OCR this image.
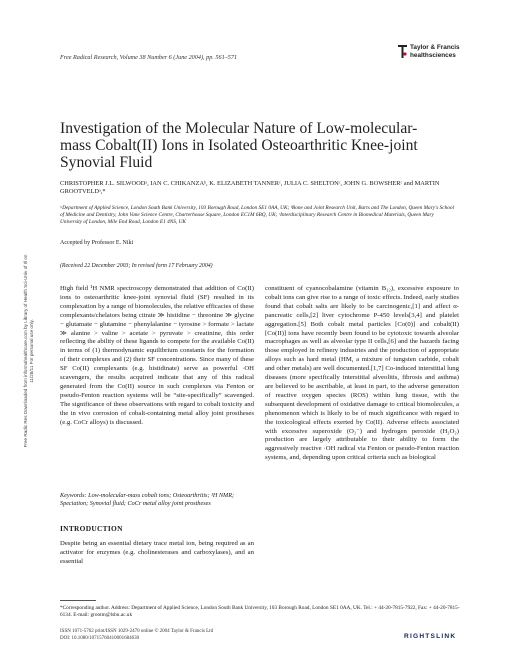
Free Radic Res Downloaded from informahealthcare.com by Library of Health Sci-Univ of Ill on 11/28/11 For personal use only.
Free Radical Research, Volume 38 Number 6 (June 2004), pp. 561–571
Taylor & Francis
healthsciences
Investigation of the Molecular Nature of Low-molecular-mass Cobalt(II) Ions in Isolated Osteoarthritic Knee-joint Synovial Fluid
CHRISTOPHER J.L. SILWOODᵃ, IAN C. CHIKANZAᵇ, K. ELIZABETH TANNERᶜ, JULIA C. SHELTONᶜ, JOHN G. BOWSHERᶜ and MARTIN GROOTVELDᵃ,*
ᵃDepartment of Applied Science, London South Bank University, 103 Borough Road, London SE1 0AA, UK; ᵇBone and Joint Research Unit, Barts and The London, Queen Mary's School of Medicine and Dentistry, John Vane Science Centre, Charterhouse Square, London EC1M 6BQ, UK; ᶜInterdisciplinary Research Centre in Biomedical Materials, Queen Mary University of London, Mile End Road, London E1 4NS, UK
Accepted by Professor E. Niki
(Received 22 December 2003; In revised form 17 February 2004)
High field ¹H NMR spectroscopy demonstrated that addition of Co(II) ions to osteoarthritic knee-joint synovial fluid (SF) resulted in its complexation by a range of biomolecules, the relative efficacies of these complexants/chelators being citrate ≫ histidine − threonine ≫ glycine − glutamate − glutamine − phenylalanine − tyrosine > formate > lactate ≫ alanine > valine > acetate > pyruvate > creatinine, this order reflecting the ability of these ligands to compete for the available Co(II) in terms of (1) thermodynamic equilibrium constants for the formation of their complexes and (2) their SF concentrations. Since many of these SF Co(II) complexants (e.g. histidinate) serve as powerful ·OH scavengers, the results acquired indicate that any of this radical generated from the Co(II) source in such complexes via Fenton or pseudo-Fenton reaction systems will be “site-specifically” scavenged. The significance of these observations with regard to cobalt toxicity and the in vivo corrosion of cobalt-containing metal alloy joint prostheses (e.g. CoCr alloys) is discussed.
Keywords: Low-molecular-mass cobalt ions; Osteoarthritis; ¹H NMR; Speciation; Synovial fluid; CoCr metal alloy joint prostheses
INTRODUCTION
Despite being an essential dietary trace metal ion, being required as an activator for enzymes (e.g. cholinesterases and carboxylases), and an essential
constituent of cyanocobalamine (vitamin B₁₂), excessive exposure to cobalt ions can give rise to a range of toxic effects. Indeed, early studies found that cobalt salts are likely to be carcinogenic,[1] and affect α-pancreatic cells,[2] liver cytochrome P-450 levels[3,4] and platelet aggregation.[5] Both cobalt metal particles [Co(0)] and cobalt(II) [Co(II)] ions have recently been found to be cytotoxic towards alveolar macrophages as well as alveolar type II cells,[6] and the hazards facing those employed in refinery industries and the production of appropriate alloys such as hard metal (HM, a mixture of tungsten carbide, cobalt and other metals) are well documented.[1,7] Co-induced interstitial lung diseases (more specifically interstitial alveolitis, fibrosis and asthma) are believed to be ascribable, at least in part, to the adverse generation of reactive oxygen species (ROS) within lung tissue, with the subsequent development of oxidative damage to critical biomolecules, a phenomenon which is likely to be of much significance with regard to the toxicological effects exerted by Co(II). Adverse effects associated with excessive superoxide (O₂⁻) and hydrogen peroxide (H₂O₂) production are largely attributable to their ability to form the aggressively reactive ·OH radical via Fenton or pseudo-Fenton reaction systems, and, depending upon critical criteria such as biological
*Corresponding author. Address: Department of Applied Science, London South Bank University, 103 Borough Road, London SE1 0AA, UK. Tel.: + 44-20-7815-7922, Fax: + 44-20-7815-6134. E-mail: grootm@lsbu.ac.uk
ISSN 1071-5762 print/ISSN 1029-2470 online © 2004 Taylor & Francis Ltd
DOI: 10.1080/10715760410001684630	RIGHTSLINK
